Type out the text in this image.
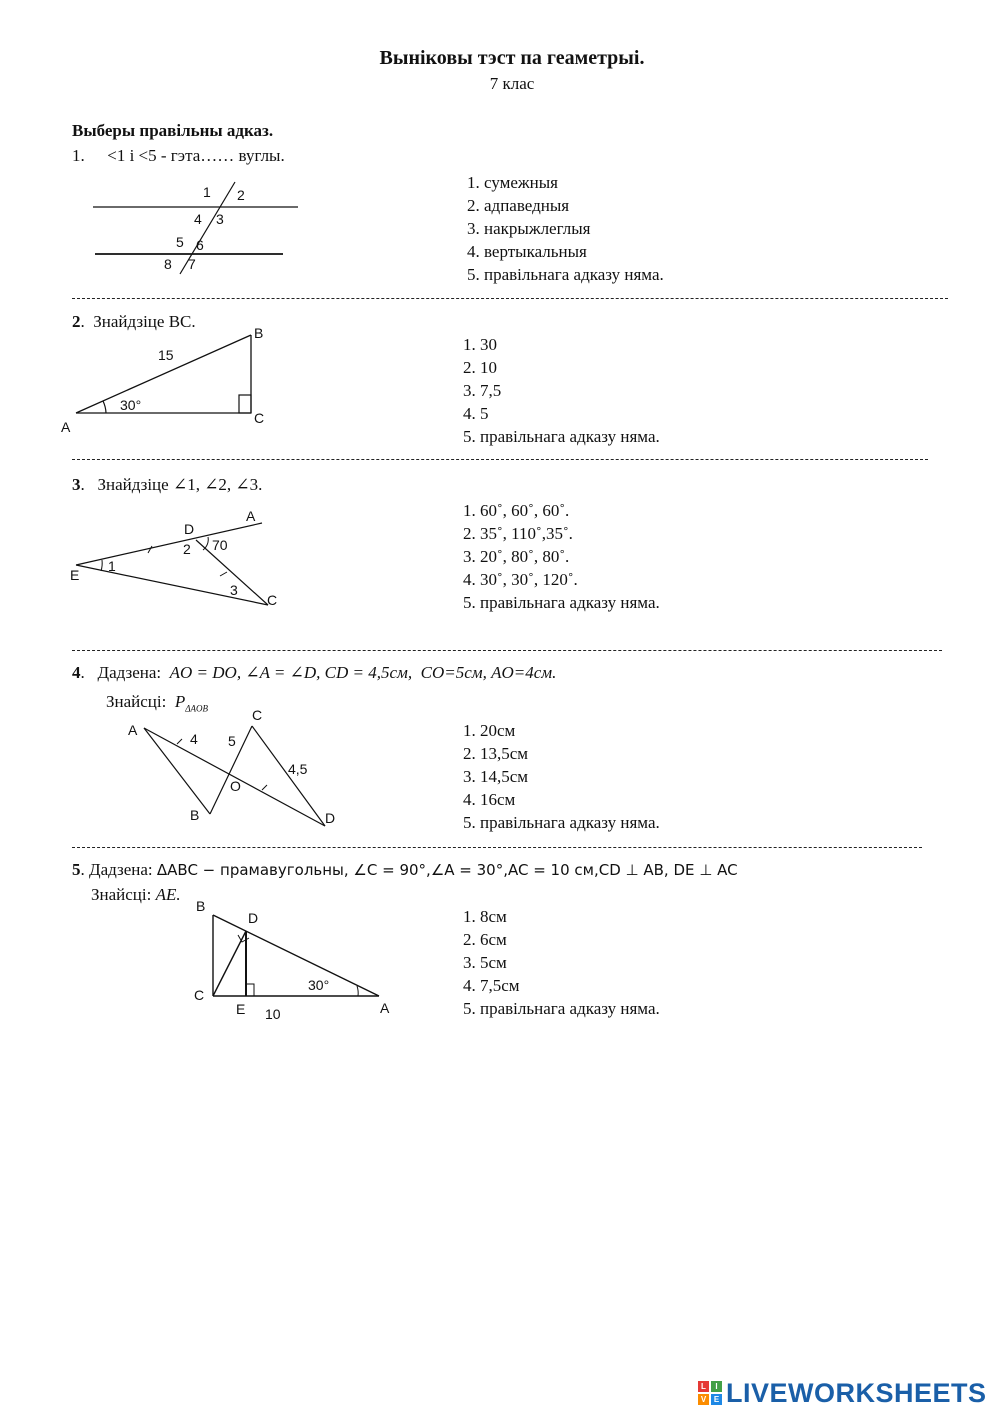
Выніковы тэст па геаметрыі.
7 клас
Выберы правільны адказ.
1. <1 і <5 - гэта…… вуглы.
1 2
4 3
5 6
8 7
1. сумежныя
2. адпаведныя
3. накрыжлеглыя
4. вертыкальныя
5. правільнага адказу няма.
2.  Знайдзіце BC.
B
15
30°
A
C
1. 30
2. 10
3. 7,5
4. 5
5. правільнага адказу няма.
3.   Знайдзіце ∠1, ∠2, ∠3.
D
A
2 70
E
1
3
C
1. 60˚, 60˚, 60˚.
2. 35˚, 110˚,35˚.
3. 20˚, 80˚, 80˚.
4. 30˚, 30˚, 120˚.
5. правільнага адказу няма.
4.   Дадзена: AO = DO, ∠A = ∠D, CD = 4,5см, CO=5см, AO=4см.
Знайсці: $P_{\Delta AOB}$
A
4 5
C
4,5
O
B	D
1. 20см
2. 13,5см
3. 14,5см
4. 16см
5. правільнага адказу няма.
5. Дадзена: ΔABC − прамавугольны, ∠C = 90°,∠A = 30°,AC = 10 см,CD ⊥ AB, DE ⊥ AC
Знайсці: AE.
B
D
30°
C
E 10	A
1. 8см
2. 6см
3. 5см
4. 7,5см
5. правільнага адказу няма.
L	I
V E LIVEWORKSHEETS
